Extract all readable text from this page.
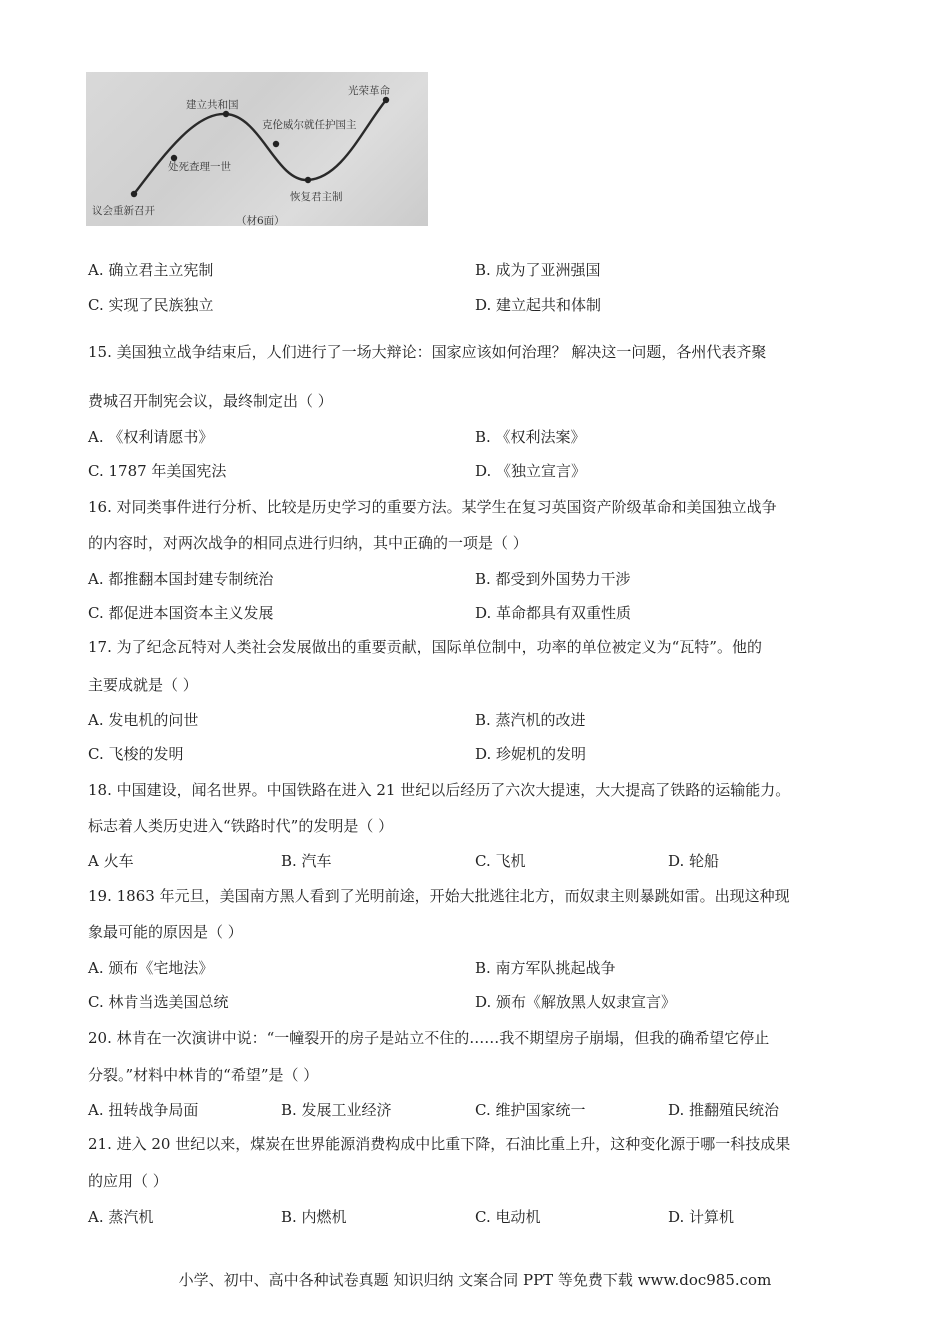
建立共和国
光荣革命
克伦威尔就任护国主
处死查理一世
恢复君主制
议会重新召开
（材6面）
A. 确立君主立宪制	B. 成为了亚洲强国
C. 实现了民族独立	D. 建立起共和体制
15. 美国独立战争结束后，人们进行了一场大辩论：国家应该如何治理？ 解决这一问题，各州代表齐聚
费城召开制宪会议，最终制定出（ ）
A. 《权利请愿书》	B. 《权利法案》
C. 1787 年美国宪法	D. 《独立宣言》
16. 对同类事件进行分析、比较是历史学习的重要方法。某学生在复习英国资产阶级革命和美国独立战争
的内容时，对两次战争的相同点进行归纳，其中正确的一项是（ ）
A. 都推翻本国封建专制统治	B. 都受到外国势力干涉
C. 都促进本国资本主义发展	D. 革命都具有双重性质
17. 为了纪念瓦特对人类社会发展做出的重要贡献，国际单位制中，功率的单位被定义为“瓦特”。他的
主要成就是（ ）
A. 发电机的问世	B. 蒸汽机的改进
C. 飞梭的发明	D. 珍妮机的发明
18. 中国建设，闻名世界。中国铁路在进入 21 世纪以后经历了六次大提速，大大提高了铁路的运输能力。
标志着人类历史进入“铁路时代”的发明是（ ）
A 火车	B. 汽车	C. 飞机	D. 轮船
19. 1863 年元旦，美国南方黑人看到了光明前途，开始大批逃往北方，而奴隶主则暴跳如雷。出现这种现
象最可能的原因是（ ）
A. 颁布《宅地法》	B. 南方军队挑起战争
C. 林肯当选美国总统	D. 颁布《解放黑人奴隶宣言》
20. 林肯在一次演讲中说：“一幢裂开的房子是站立不住的……我不期望房子崩塌，但我的确希望它停止
分裂。”材料中林肯的“希望”是（ ）
A. 扭转战争局面	B. 发展工业经济	C. 维护国家统一	D. 推翻殖民统治
21. 进入 20 世纪以来，煤炭在世界能源消费构成中比重下降，石油比重上升，这种变化源于哪一科技成果
的应用（ ）
A. 蒸汽机	B. 内燃机	C. 电动机	D. 计算机
小学、初中、高中各种试卷真题 知识归纳 文案合同 PPT 等免费下载 www.doc985.com
